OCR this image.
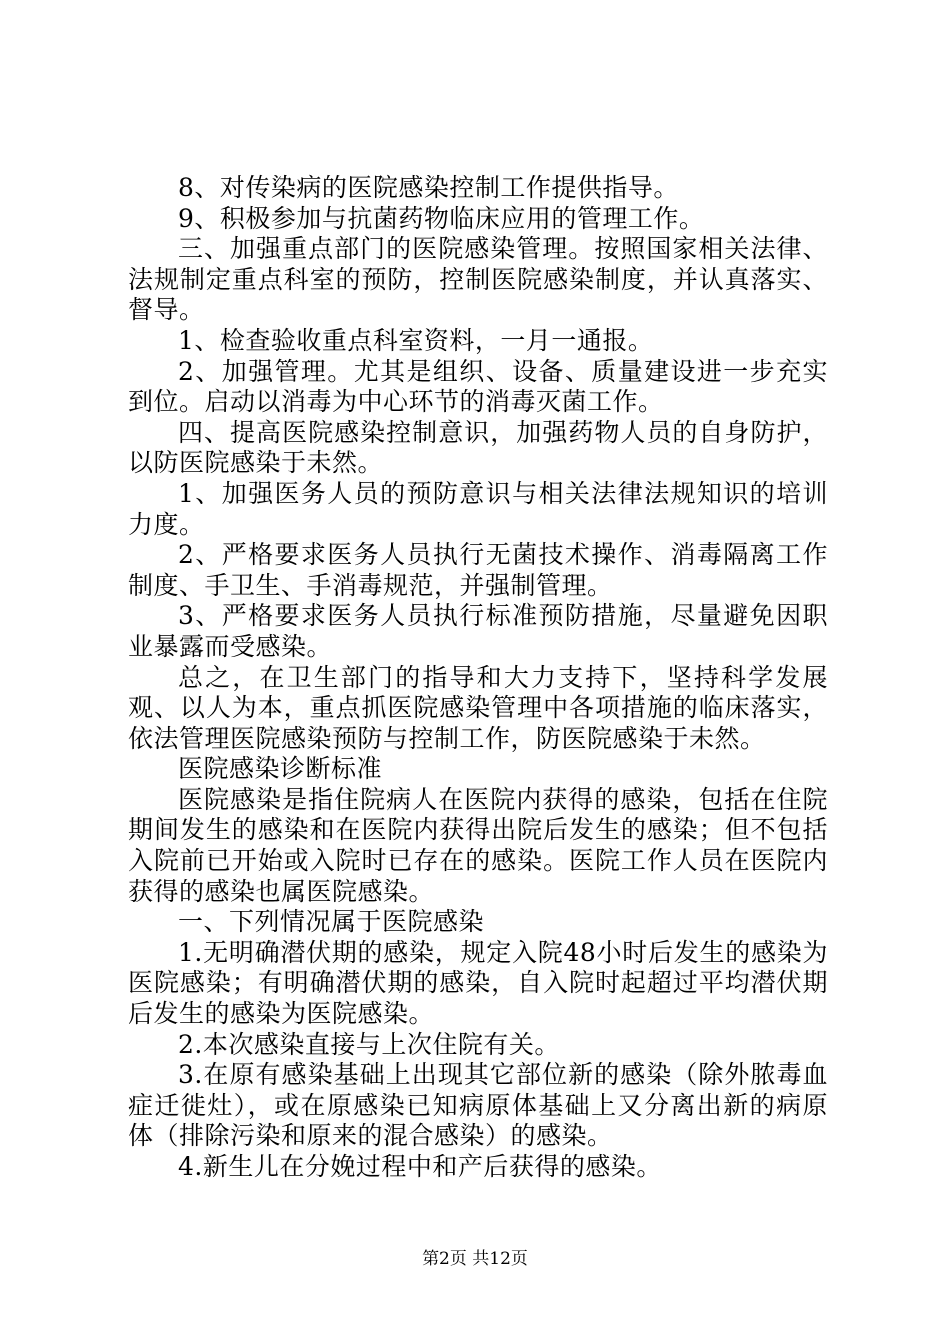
8、对传染病的医院感染控制工作提供指导。

9、积极参加与抗菌药物临床应用的管理工作。

三、加强重点部门的医院感染管理。按照国家相关法律、法规制定重点科室的预防，控制医院感染制度，并认真落实、督导。

1、检查验收重点科室资料，一月一通报。

2、加强管理。尤其是组织、设备、质量建设进一步充实到位。启动以消毒为中心环节的消毒灭菌工作。

四、提高医院感染控制意识，加强药物人员的自身防护，以防医院感染于未然。

1、加强医务人员的预防意识与相关法律法规知识的培训力度。

2、严格要求医务人员执行无菌技术操作、消毒隔离工作制度、手卫生、手消毒规范，并强制管理。

3、严格要求医务人员执行标准预防措施，尽量避免因职业暴露而受感染。

总之，在卫生部门的指导和大力支持下，坚持科学发展观、以人为本，重点抓医院感染管理中各项措施的临床落实，依法管理医院感染预防与控制工作，防医院感染于未然。

医院感染诊断标准

医院感染是指住院病人在医院内获得的感染，包括在住院期间发生的感染和在医院内获得出院后发生的感染；但不包括入院前已开始或入院时已存在的感染。医院工作人员在医院内获得的感染也属医院感染。

一、下列情况属于医院感染

1.无明确潜伏期的感染，规定入院48小时后发生的感染为医院感染；有明确潜伏期的感染，自入院时起超过平均潜伏期后发生的感染为医院感染。

2.本次感染直接与上次住院有关。

3.在原有感染基础上出现其它部位新的感染（除外脓毒血症迁徙灶），或在原感染已知病原体基础上又分离出新的病原体（排除污染和原来的混合感染）的感染。

4.新生儿在分娩过程中和产后获得的感染。

第2页 共12页
